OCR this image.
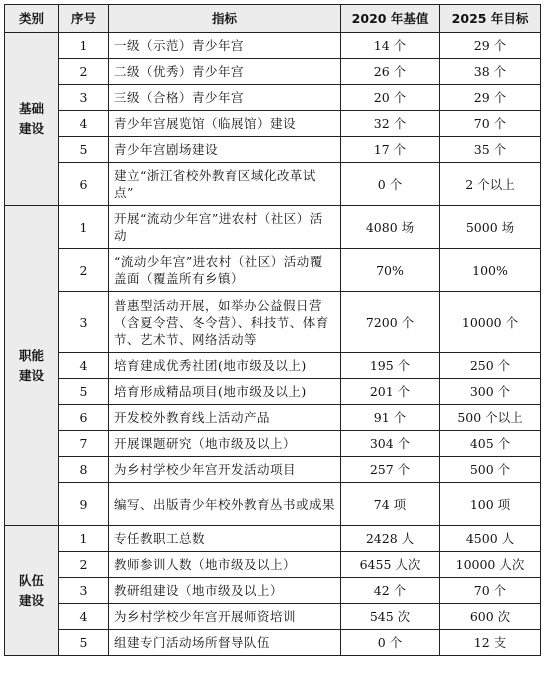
类别	序号	指标	2020 年基值	2025 年目标
基础
建设	1	一级（示范）青少年宫	14 个	29 个
	2	二级（优秀）青少年宫	26 个	38 个
	3	三级（合格）青少年宫	20 个	29 个
	4	青少年宫展览馆（临展馆）建设	32 个	70 个
	5	青少年宫剧场建设	17 个	35 个
	6	建立“浙江省校外教育区域化改革试点”	0 个	2 个以上
职能
建设	1	开展“流动少年宫”进农村（社区）活动	4080 场	5000 场
	2	“流动少年宫”进农村（社区）活动覆盖面（覆盖所有乡镇）	70%	100%
	3	普惠型活动开展，如举办公益假日营（含夏令营、冬令营）、科技节、体育节、艺术节、网络活动等	7200 个	10000 个
	4	培育建成优秀社团(地市级及以上)	195 个	250 个
	5	培育形成精品项目(地市级及以上)	201 个	300 个
	6	开发校外教育线上活动产品	91 个	500 个以上
	7	开展课题研究（地市级及以上）	304 个	405 个
	8	为乡村学校少年宫开发活动项目	257 个	500 个
	9	编写、出版青少年校外教育丛书或成果	74 项	100 项
队伍
建设	1	专任教职工总数	2428 人	4500 人
	2	教师参训人数（地市级及以上）	6455 人次	10000 人次
	3	教研组建设（地市级及以上）	42 个	70 个
	4	为乡村学校少年宫开展师资培训	545 次	600 次
	5	组建专门活动场所督导队伍	0 个	12 支
